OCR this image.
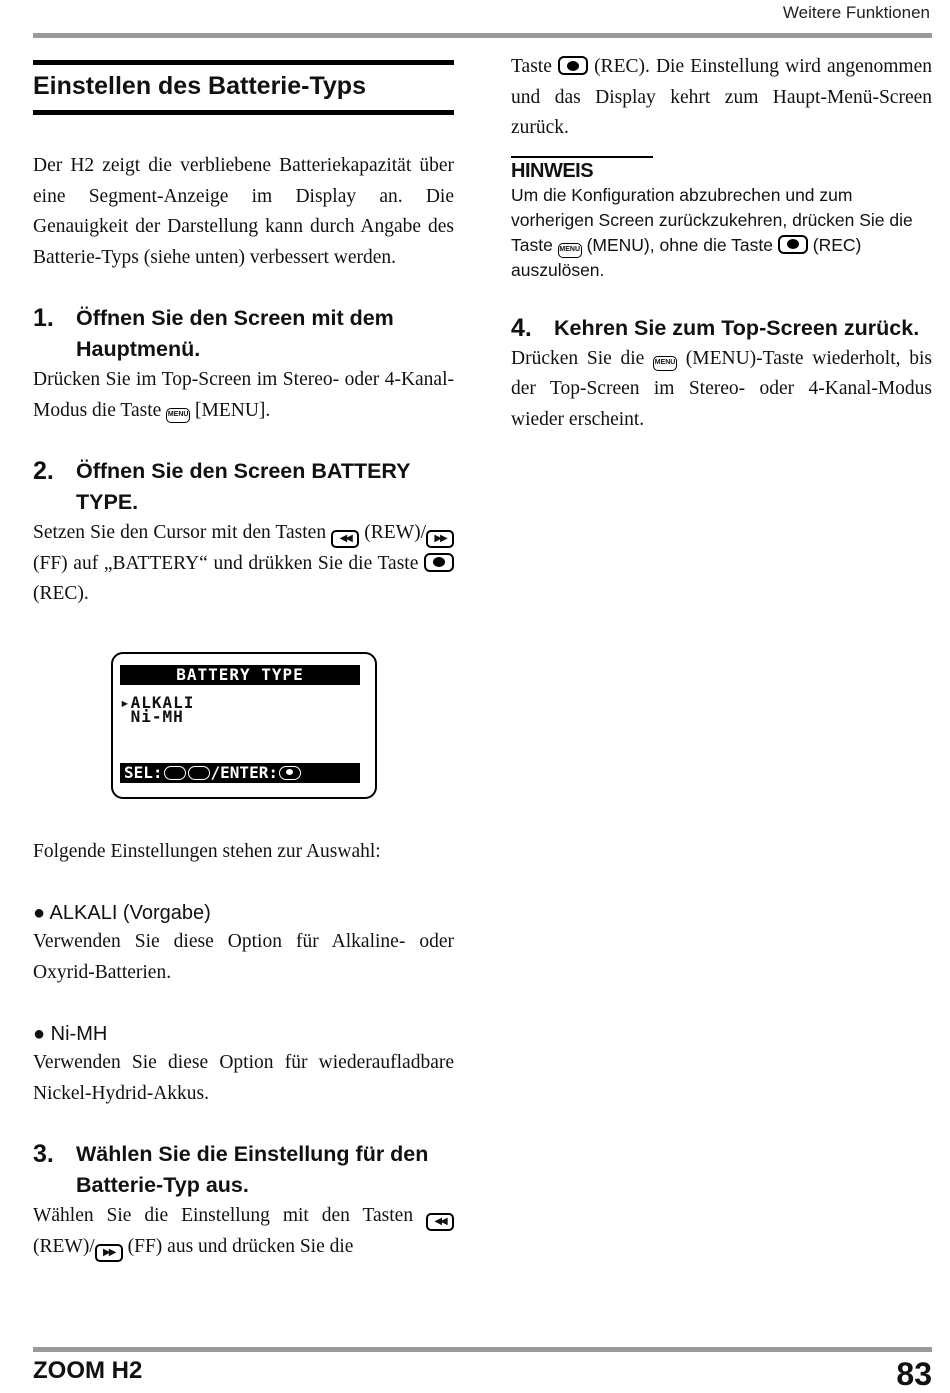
Weitere Funktionen
Einstellen des Batterie-Typs

Der H2 zeigt die verbliebene Batteriekapazität über eine Segment-Anzeige im Display an. Die Genauigkeit der Darstellung kann durch Angabe des Batterie-Typs (siehe unten) verbessert werden.

1.	Öffnen Sie den Screen mit dem Hauptmenü.

Drücken Sie im Top-Screen im Stereo- oder 4-Kanal-Modus die Taste MENU [MENU].

2.	Öffnen Sie den Screen BATTERY TYPE.

Setzen Sie den Cursor mit den Tasten ◀◀ (REW)/ ▶▶ (FF) auf „BATTERY“ und drükken Sie die Taste  (REC).

BATTERY TYPE
▸ALKALI
Ni-MH
SEL:	/ENTER:

Folgende Einstellungen stehen zur Auswahl:

● ALKALI (Vorgabe)

Verwenden Sie diese Option für Alkaline- oder Oxyrid-Batterien.

● Ni-MH

Verwenden Sie diese Option für wiederaufladbare Nickel-Hydrid-Akkus.

3.	Wählen Sie die Einstellung für den Batterie-Typ aus.

Wählen Sie die Einstellung mit den Tasten ◀◀ (REW)/ ▶▶ (FF) aus und drücken Sie die

Taste (REC). Die Einstellung wird angenommen und das Display kehrt zum Haupt-Menü-Screen zurück.

HINWEIS

Um die Konfiguration abzubrechen und zum vorherigen Screen zurückzukehren, drücken Sie die Taste MENU (MENU), ohne die Taste (REC) auszulösen.

4.	Kehren Sie zum Top-Screen zurück.

Drücken Sie die MENU (MENU)-Taste wiederholt, bis der Top-Screen im Stereo- oder 4-Kanal-Modus wieder erscheint.

ZOOM H2	83
